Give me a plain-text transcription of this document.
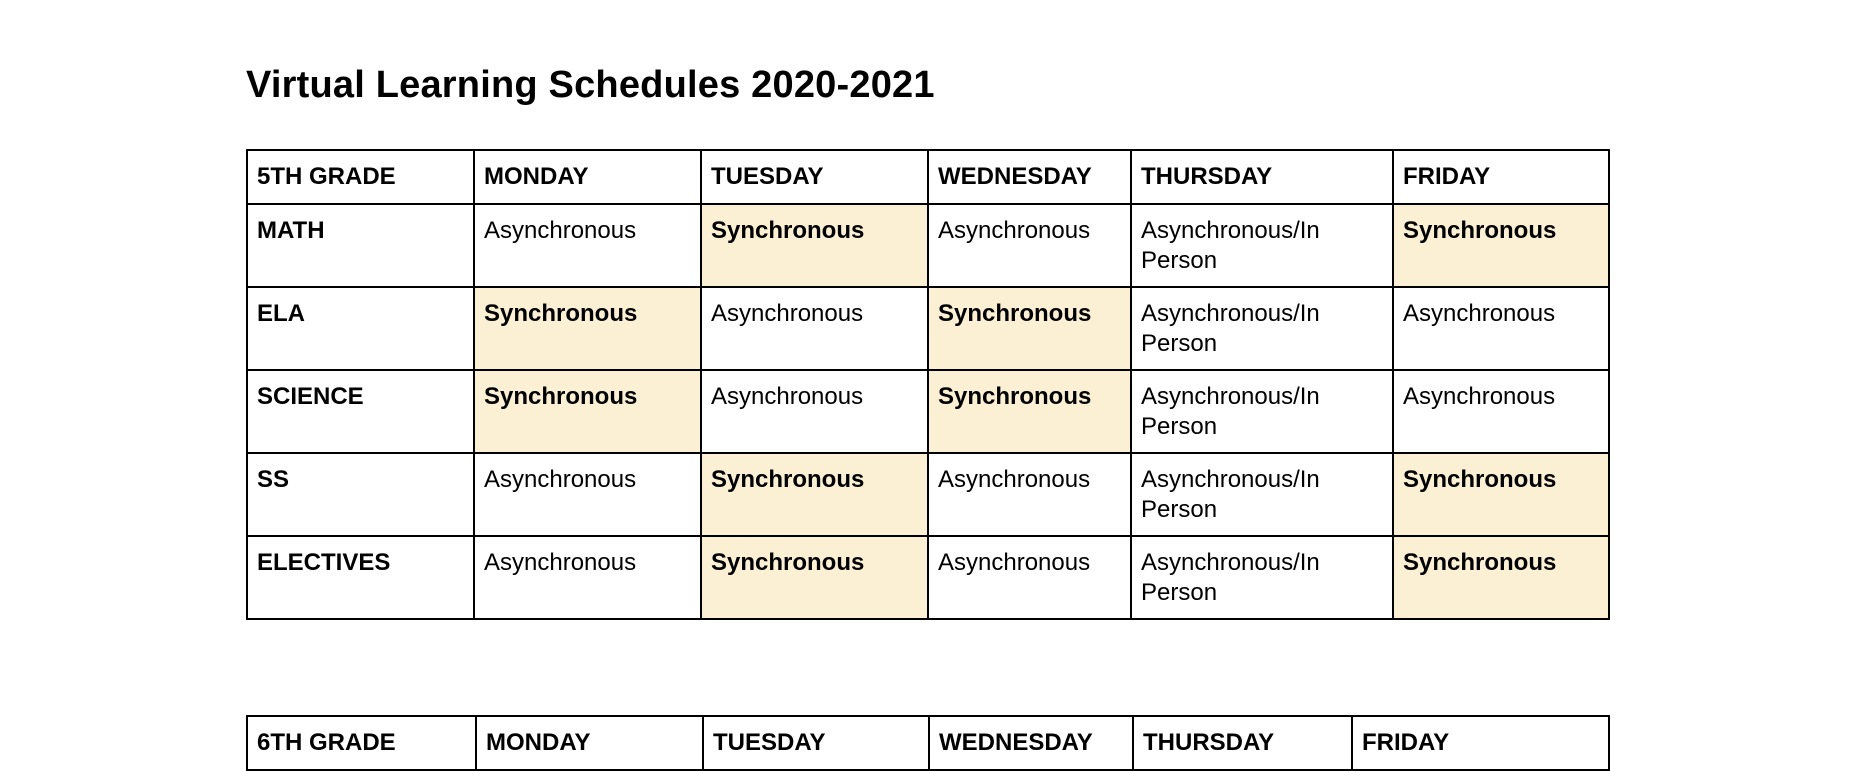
Virtual Learning Schedules 2020-2021
5TH GRADE	MONDAY	TUESDAY	WEDNESDAY	THURSDAY	FRIDAY
MATH	Asynchronous	Synchronous	Asynchronous	Asynchronous/In Person	Synchronous
ELA	Synchronous	Asynchronous	Synchronous	Asynchronous/In Person	Asynchronous
SCIENCE	Synchronous	Asynchronous	Synchronous	Asynchronous/In Person	Asynchronous
SS	Asynchronous	Synchronous	Asynchronous	Asynchronous/In Person	Synchronous
ELECTIVES	Asynchronous	Synchronous	Asynchronous	Asynchronous/In Person	Synchronous
6TH GRADE	MONDAY	TUESDAY	WEDNESDAY	THURSDAY	FRIDAY
